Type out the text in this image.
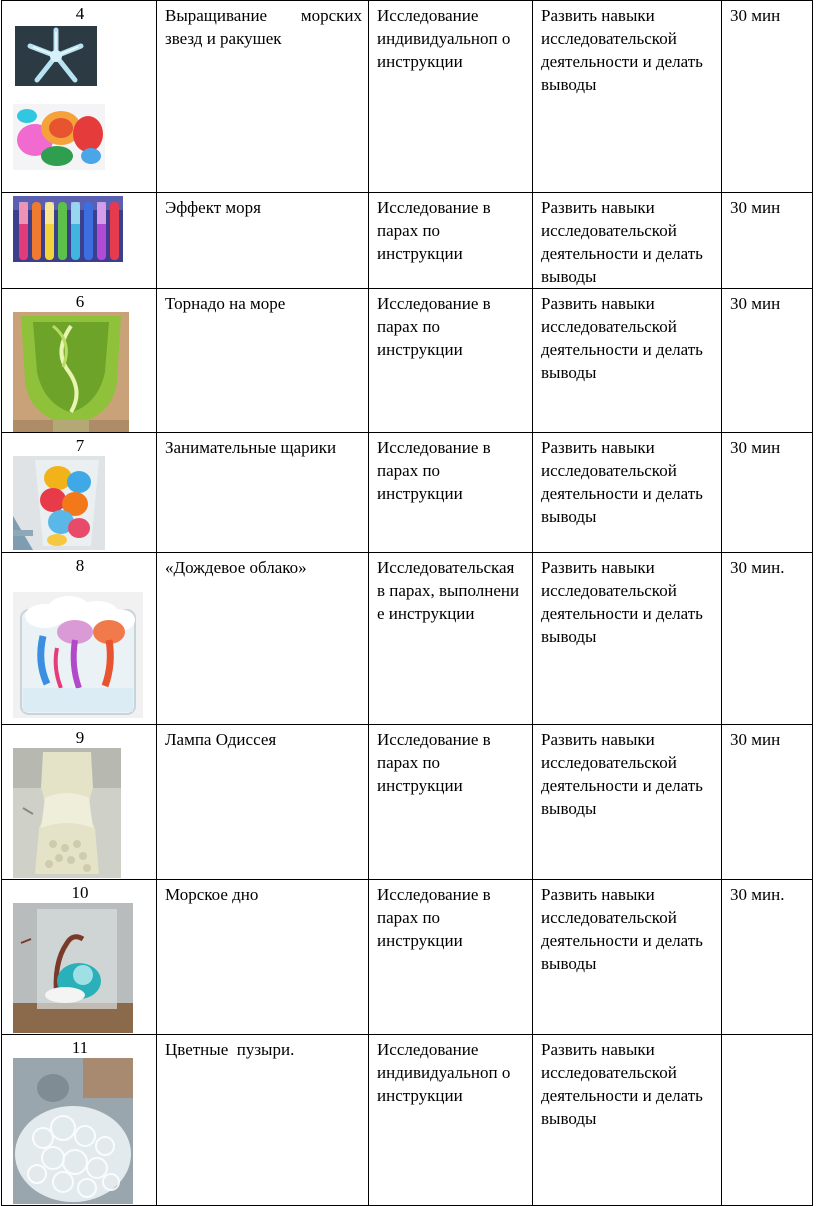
4	Выращивание морских звезд и ракушек	Исследование индивидуальноп о инструкции	Развить навыки исследовательской деятельности и делать выводы	30 мин

	Эффект моря	Исследование в парах по инструкции	Развить навыки исследовательской деятельности и делать выводы	30 мин

6	Торнадо на море	Исследование в парах по инструкции	Развить навыки исследовательской деятельности и делать выводы	30 мин

7	Занимательные щарики	Исследование в парах по инструкции	Развить навыки исследовательской деятельности и делать выводы	30 мин

8	«Дождевое облако»	Исследовательская в парах, выполнение инструкции	Развить навыки исследовательской деятельности и делать выводы	30 мин.

9	Лампа Одиссея	Исследование в парах по инструкции	Развить навыки исследовательской деятельности и делать выводы	30 мин

10	Морское дно	Исследование в парах по инструкции	Развить навыки исследовательской деятельности и делать выводы	30 мин.

11	Цветные  пузыри.	Исследование индивидуальноп о инструкции	Развить навыки исследовательской деятельности и делать выводы	
